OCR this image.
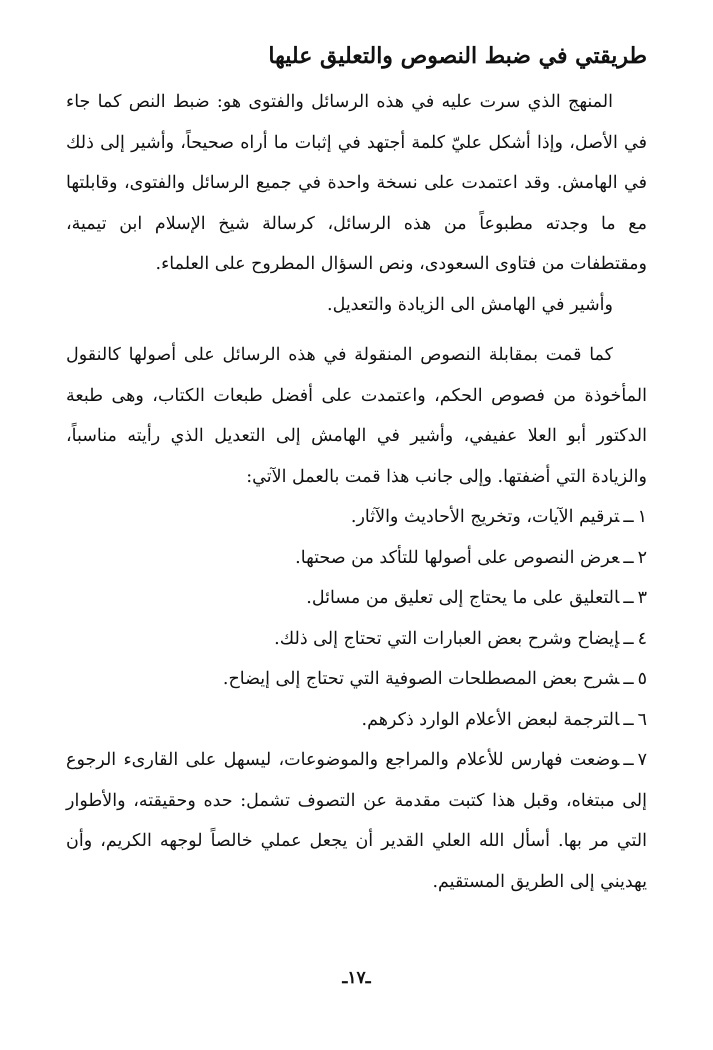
طريقتي في ضبط النصوص والتعليق عليها

المنهج الذي سرت عليه في هذه الرسائل والفتوى هو: ضبط النص كما جاء في الأصل، وإذا أشكل عليّ كلمة أجتهد في إثبات ما أراه صحيحاً، وأشير إلى ذلك في الهامش. وقد اعتمدت على نسخة واحدة في جميع الرسائل والفتوى، وقابلتها مع ما وجدته مطبوعاً من هذه الرسائل، كرسالة شيخ الإسلام ابن تيمية، ومقتطفات من فتاوى السعودى، ونص السؤال المطروح على العلماء.

وأشير في الهامش الى الزيادة والتعديل.

كما قمت بمقابلة النصوص المنقولة في هذه الرسائل على أصولها كالنقول المأخوذة من فصوص الحكم، واعتمدت على أفضل طبعات الكتاب، وهى طبعة الدكتور أبو العلا عفيفي، وأشير في الهامش إلى التعديل الذي رأيته مناسباً، والزيادة التي أضفتها. وإلى جانب هذا قمت بالعمل الآتي:

١ــترقيم الآيات، وتخريج الأحاديث والآثار.
٢ــعرض النصوص على أصولها للتأكد من صحتها.
٣ــالتعليق على ما يحتاج إلى تعليق من مسائل.
٤ــإيضاح وشرح بعض العبارات التي تحتاج إلى ذلك.
٥ــشرح بعض المصطلحات الصوفية التي تحتاج إلى إيضاح.
٦ــالترجمة لبعض الأعلام الوارد ذكرهم.
٧ــوضعت فهارس للأعلام والمراجع والموضوعات، ليسهل على القارىء الرجوع إلى مبتغاه، وقبل هذا كتبت مقدمة عن التصوف تشمل: حده وحقيقته، والأطوار التي مر بها. أسأل الله العلي القدير أن يجعل عملي خالصاً لوجهه الكريم، وأن يهديني إلى الطريق المستقيم.
ـ١٧ـ
